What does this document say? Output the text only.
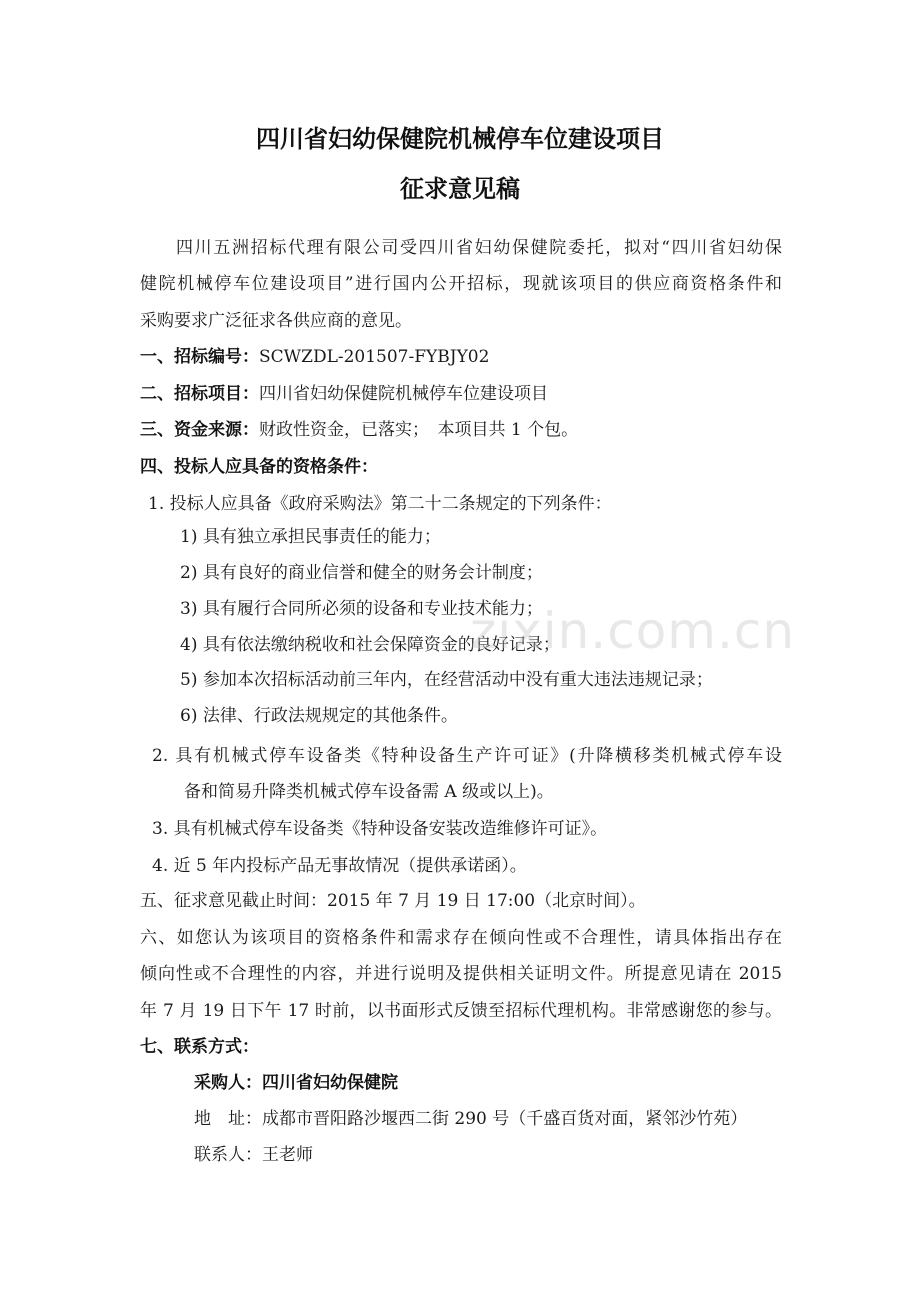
四川省妇幼保健院机械停车位建设项目
征求意见稿
四川五洲招标代理有限公司受四川省妇幼保健院委托，拟对“四川省妇幼保
健院机械停车位建设项目”进行国内公开招标，现就该项目的供应商资格条件和
采购要求广泛征求各供应商的意见。
一、招标编号：SCWZDL-201507-FYBJY02
二、招标项目：四川省妇幼保健院机械停车位建设项目
三、资金来源：财政性资金，已落实；　本项目共 1 个包。
四、投标人应具备的资格条件：
1. 投标人应具备《政府采购法》第二十二条规定的下列条件：
1) 具有独立承担民事责任的能力；
2) 具有良好的商业信誉和健全的财务会计制度；
3) 具有履行合同所必须的设备和专业技术能力；
4) 具有依法缴纳税收和社会保障资金的良好记录；
5) 参加本次招标活动前三年内，在经营活动中没有重大违法违规记录；
6) 法律、行政法规规定的其他条件。
2. 具有机械式停车设备类《特种设备生产许可证》(升降横移类机械式停车设
备和简易升降类机械式停车设备需 A 级或以上)。
3. 具有机械式停车设备类《特种设备安装改造维修许可证》。
4. 近 5 年内投标产品无事故情况（提供承诺函）。
五、征求意见截止时间：2015 年 7 月 19 日 17:00（北京时间）。
六、如您认为该项目的资格条件和需求存在倾向性或不合理性，请具体指出存在
倾向性或不合理性的内容，并进行说明及提供相关证明文件。所提意见请在 2015
年 7 月 19 日下午 17 时前，以书面形式反馈至招标代理机构。非常感谢您的参与。
七、联系方式：
采购人：四川省妇幼保健院
地　址：成都市晋阳路沙堰西二街 290 号（千盛百货对面，紧邻沙竹苑）
联系人：王老师
zixin.com.cn
